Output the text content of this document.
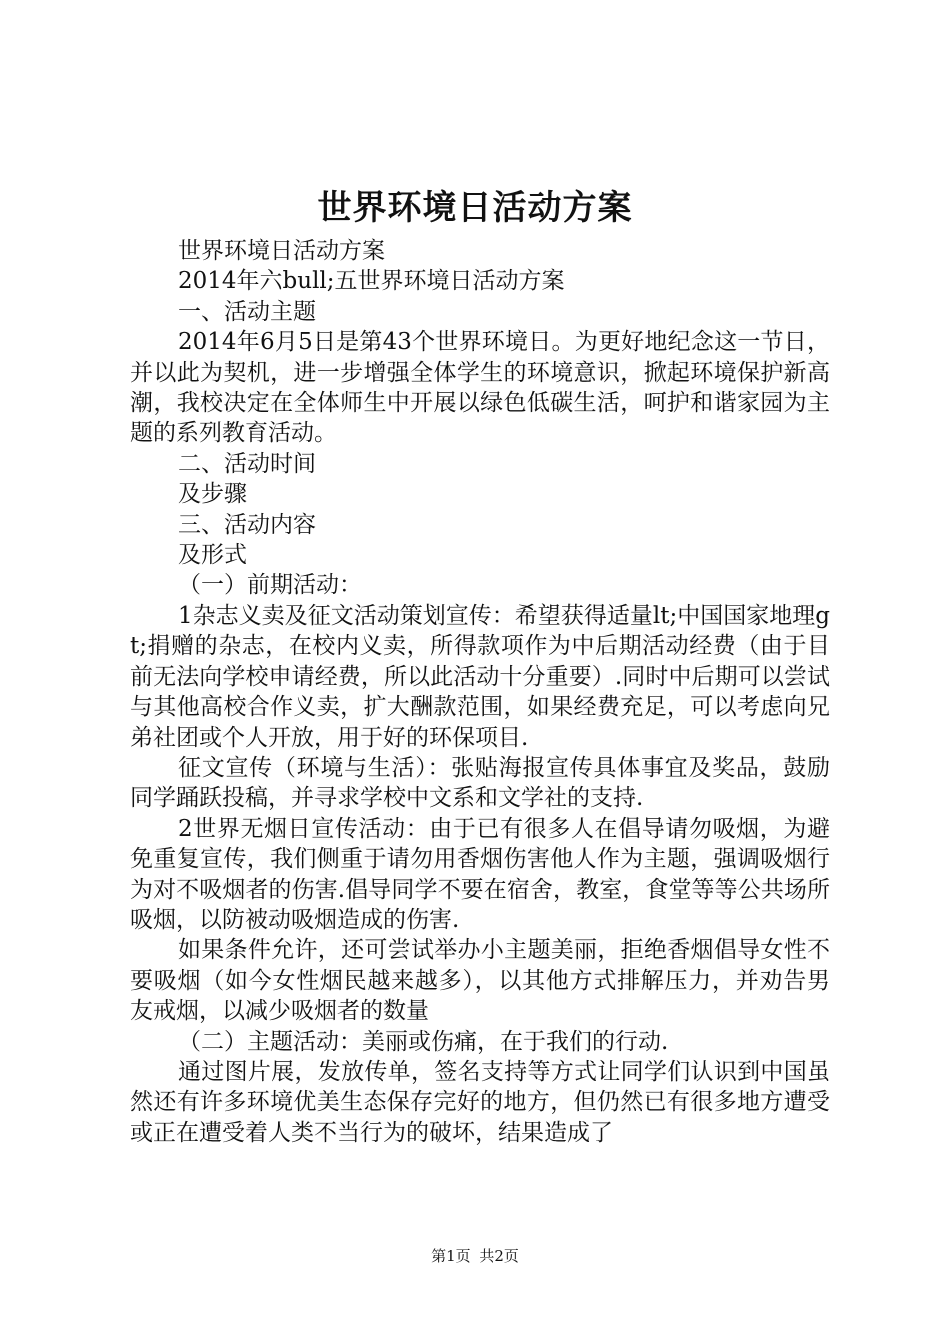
世界环境日活动方案

世界环境日活动方案

2014年六bull;五世界环境日活动方案

一、活动主题

2014年6月5日是第43个世界环境日。为更好地纪念这一节日，并以此为契机，进一步增强全体学生的环境意识，掀起环境保护新高潮，我校决定在全体师生中开展以绿色低碳生活，呵护和谐家园为主题的系列教育活动。

二、活动时间

及步骤

三、活动内容

及形式

（一）前期活动：

1杂志义卖及征文活动策划宣传：希望获得适量lt;中国国家地理gt;捐赠的杂志，在校内义卖，所得款项作为中后期活动经费（由于目前无法向学校申请经费，所以此活动十分重要）.同时中后期可以尝试与其他高校合作义卖，扩大酬款范围，如果经费充足，可以考虑向兄弟社团或个人开放，用于好的环保项目.

征文宣传（环境与生活）：张贴海报宣传具体事宜及奖品，鼓励同学踊跃投稿，并寻求学校中文系和文学社的支持.

2世界无烟日宣传活动：由于已有很多人在倡导请勿吸烟，为避免重复宣传，我们侧重于请勿用香烟伤害他人作为主题，强调吸烟行为对不吸烟者的伤害.倡导同学不要在宿舍，教室，食堂等等公共场所吸烟，以防被动吸烟造成的伤害.

如果条件允许，还可尝试举办小主题美丽，拒绝香烟倡导女性不要吸烟（如今女性烟民越来越多），以其他方式排解压力，并劝告男友戒烟，以减少吸烟者的数量

（二）主题活动：美丽或伤痛，在于我们的行动.

通过图片展，发放传单，签名支持等方式让同学们认识到中国虽然还有许多环境优美生态保存完好的地方，但仍然已有很多地方遭受或正在遭受着人类不当行为的破坏，结果造成了

第1页 共2页
